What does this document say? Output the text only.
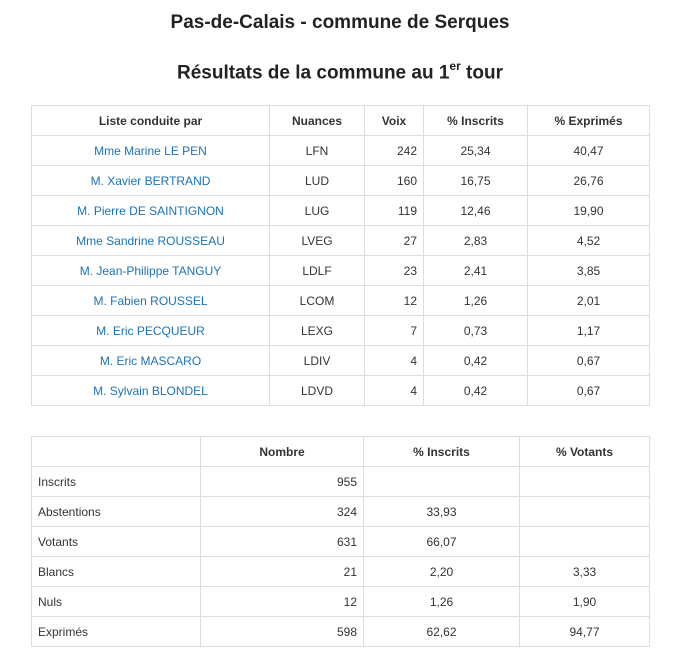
Pas-de-Calais - commune de Serques
Résultats de la commune au 1er tour
Liste conduite par	Nuances	Voix	% Inscrits	% Exprimés
Mme Marine LE PEN	LFN	242	25,34	40,47
M. Xavier BERTRAND	LUD	160	16,75	26,76
M. Pierre DE SAINTIGNON	LUG	119	12,46	19,90
Mme Sandrine ROUSSEAU	LVEG	27	2,83	4,52
M. Jean-Philippe TANGUY	LDLF	23	2,41	3,85
M. Fabien ROUSSEL	LCOM	12	1,26	2,01
M. Eric PECQUEUR	LEXG	7	0,73	1,17
M. Eric MASCARO	LDIV	4	0,42	0,67
M. Sylvain BLONDEL	LDVD	4	0,42	0,67
	Nombre	% Inscrits	% Votants
Inscrits	955		
Abstentions	324	33,93	
Votants	631	66,07	
Blancs	21	2,20	3,33
Nuls	12	1,26	1,90
Exprimés	598	62,62	94,77
